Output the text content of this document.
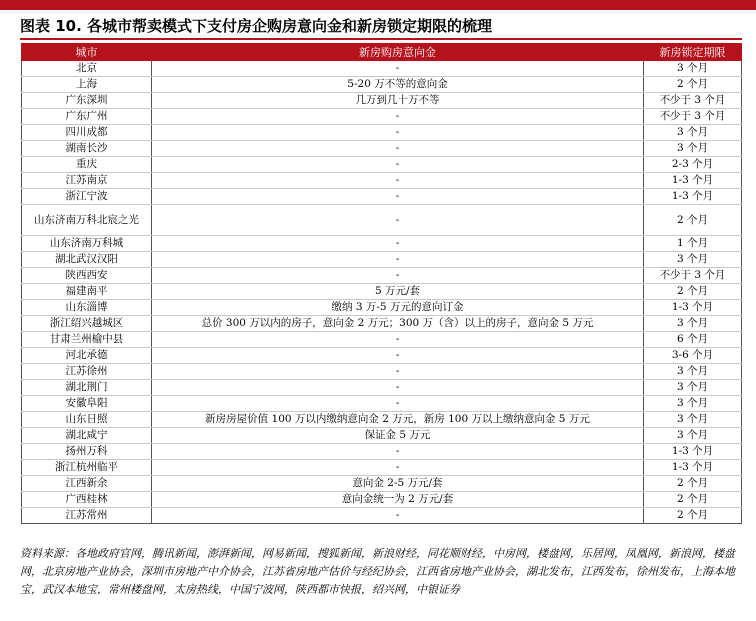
图表 10. 各城市帮卖模式下支付房企购房意向金和新房锁定期限的梳理
城市	新房购房意向金	新房锁定期限
北京	-	3 个月
上海	5-20 万不等的意向金	2 个月
广东深圳	几万到几十万不等	不少于 3 个月
广东广州	-	不少于 3 个月
四川成都	-	3 个月
湖南长沙	-	3 个月
重庆	-	2-3 个月
江苏南京	-	1-3 个月
浙江宁波	-	1-3 个月
山东济南万科北宸之光	-	2 个月
山东济南万科城	-	1 个月
湖北武汉汉阳	-	3 个月
陕西西安	-	不少于 3 个月
福建南平	5 万元/套	2 个月
山东淄博	缴纳 3 万-5 万元的意向订金	1-3 个月
浙江绍兴越城区	总价 300 万以内的房子，意向金 2 万元；300 万（含）以上的房子，意向金 5 万元	3 个月
甘肃兰州榆中县	-	6 个月
河北承德	-	3-6 个月
江苏徐州	-	3 个月
湖北荆门	-	3 个月
安徽阜阳	-	3 个月
山东日照	新房房屋价值 100 万以内缴纳意向金 2 万元，新房 100 万以上缴纳意向金 5 万元	3 个月
湖北咸宁	保证金 5 万元	3 个月
扬州万科	-	1-3 个月
浙江杭州临平	-	1-3 个月
江西新余	意向金 2-5 万元/套	2 个月
广西桂林	意向金统一为 2 万元/套	2 个月
江苏常州	-	2 个月
资料来源：各地政府官网，腾讯新闻，澎湃新闻，网易新闻，搜狐新闻，新浪财经，同花顺财经，中房网，楼盘网，乐居网，凤凰网，新浪网，楼盘网，北京房地产业协会，深圳市房地产中介协会，江苏省房地产估价与经纪协会，江西省房地产业协会，湖北发布，江西发布，徐州发布，上海本地宝，武汉本地宝，常州楼盘网，太房热线，中国宁波网，陕西都市快报，绍兴网，中银证券
